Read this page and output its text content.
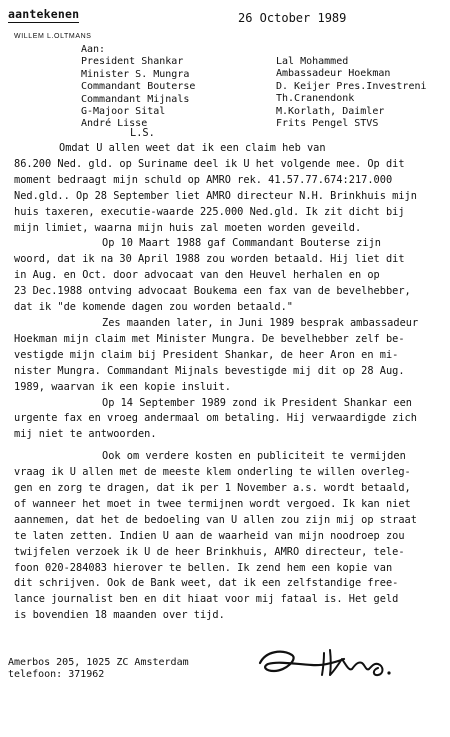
aantekenen	26 October 1989
WILLEM L.OLTMANS
Aan:
President Shankar
Minister S. Mungra
Commandant Bouterse
Commandant Mijnals
G-Majoor Sital
André Lisse
Lal Mohammed
Ambassadeur Hoekman
D. Keijer Pres.Investreni
Th.Cranendonk
M.Korlath, Daimler
Frits Pengel STVS
L.S.
Omdat U allen weet dat ik een claim heb van
86.200 Ned. gld. op Suriname deel ik U het volgende mee. Op dit
moment bedraagt mijn schuld op AMRO rek. 41.57.77.674:217.000
Ned.gld.. Op 28 September liet AMRO directeur N.H. Brinkhuis mijn
huis taxeren, executie-waarde 225.000 Ned.gld. Ik zit dicht bij
mijn limiet, waarna mijn huis zal moeten worden geveild.
Op 10 Maart 1988 gaf Commandant Bouterse zijn
woord, dat ik na 30 April 1988 zou worden betaald. Hij liet dit
in Aug. en Oct. door advocaat van den Heuvel herhalen en op
23 Dec.1988 ontving advocaat Boukema een fax van de bevelhebber,
dat ik "de komende dagen zou worden betaald."
Zes maanden later, in Juni 1989 besprak ambassadeur
Hoekman mijn claim met Minister Mungra. De bevelhebber zelf be-
vestigde mijn claim bij President Shankar, de heer Aron en mi-
nister Mungra. Commandant Mijnals bevestigde mij dit op 28 Aug.
1989, waarvan ik een kopie insluit.
Op 14 September 1989 zond ik President Shankar een
urgente fax en vroeg andermaal om betaling. Hij verwaardigde zich
mij niet te antwoorden.
Ook om verdere kosten en publiciteit te vermijden
vraag ik U allen met de meeste klem onderling te willen overleg-
gen en zorg te dragen, dat ik per 1 November a.s. wordt betaald,
of wanneer het moet in twee termijnen wordt vergoed. Ik kan niet
aannemen, dat het de bedoeling van U allen zou zijn mij op straat
te laten zetten. Indien U aan de waarheid van mijn noodroep zou
twijfelen verzoek ik U de heer Brinkhuis, AMRO directeur, tele-
foon 020-284083 hierover te bellen. Ik zend hem een kopie van
dit schrijven. Ook de Bank weet, dat ik een zelfstandige free-
lance journalist ben en dit hiaat voor mij fataal is. Het geld
is bovendien 18 maanden over tijd.
Amerbos 205, 1025 ZC Amsterdam
telefoon: 371962
